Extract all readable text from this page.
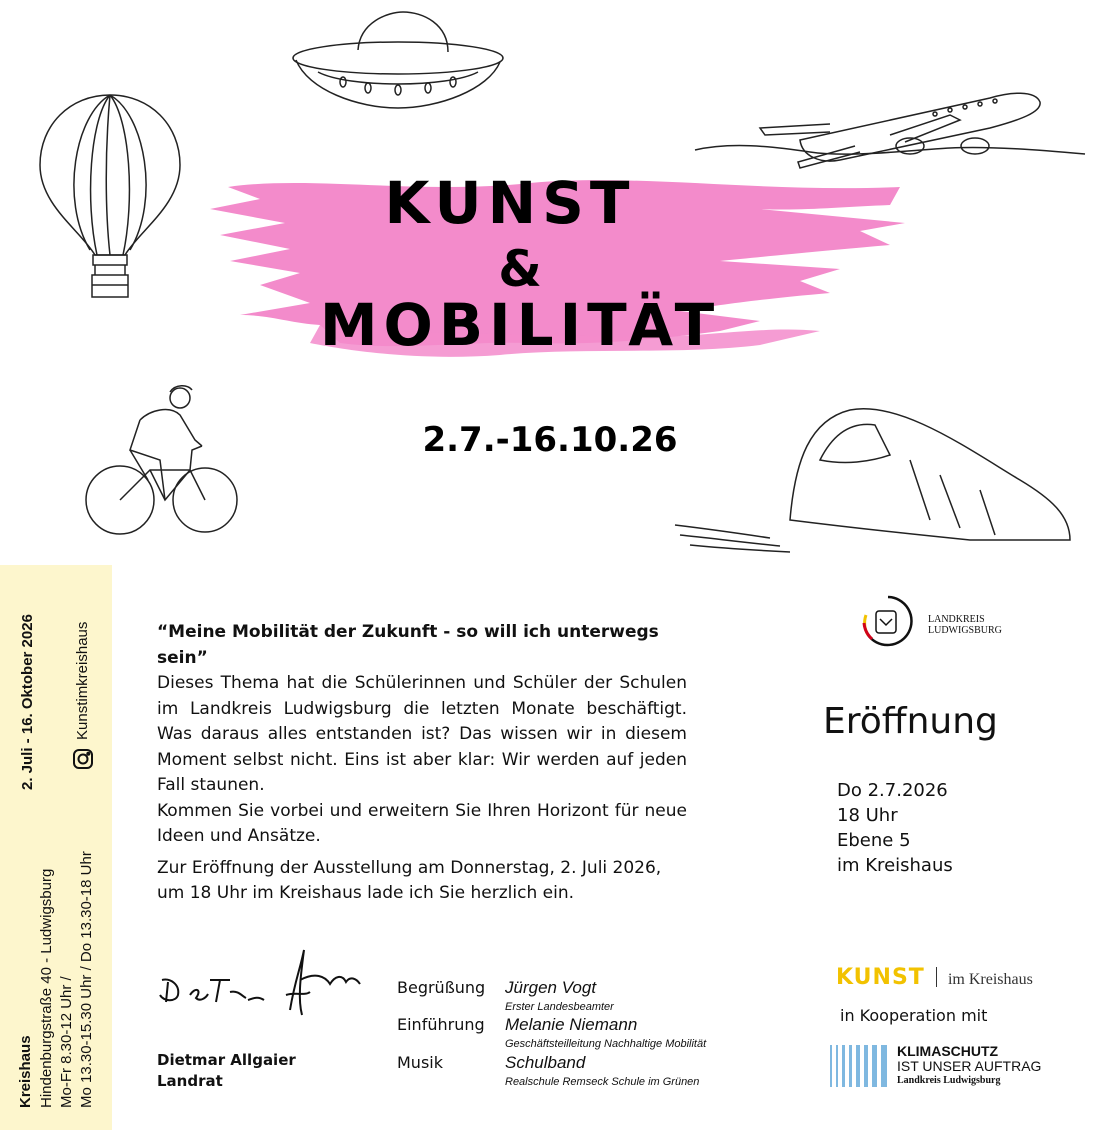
KUNST
&
MOBILITÄT
2.7.-16.10.26
2. Juli - 16. Oktober 2026	Kunstimkreishaus
Kreishaus Hindenburgstraße 40 - Ludwigsburg Mo-Fr 8.30-12 Uhr / Mo 13.30-15.30 Uhr / Do 13.30-18 Uhr

“Meine Mobilität der Zukunft - so will ich unterwegs sein”

Dieses Thema hat die Schülerinnen und Schüler der Schulen im Landkreis Ludwigsburg die letzten Monate beschäftigt. Was daraus alles entstanden ist? Das wissen wir in diesem Moment selbst nicht. Eins ist aber klar: Wir werden auf jeden Fall staunen.

Kommen Sie vorbei und erweitern Sie Ihren Horizont für neue Ideen und Ansätze.

Zur Eröffnung der Ausstellung am Donnerstag, 2. Juli 2026, um 18 Uhr im Kreishaus lade ich Sie herzlich ein.

LANDKREIS
LUDWIGSBURG
Eröffnung
Do 2.7.2026
18 Uhr
Ebene 5
im Kreishaus
Dietmar Allgaier
Landrat
Begrüßung Jürgen Vogt
Erster Landesbeamter
Einführung Melanie Niemann
Geschäftsteilleitung Nachhaltige Mobilität
Musik	Schulband
Realschule Remseck Schule im Grünen
KUNST im Kreishaus
in Kooperation mit
KLIMASCHUTZ
IST UNSER AUFTRAG
Landkreis Ludwigsburg
